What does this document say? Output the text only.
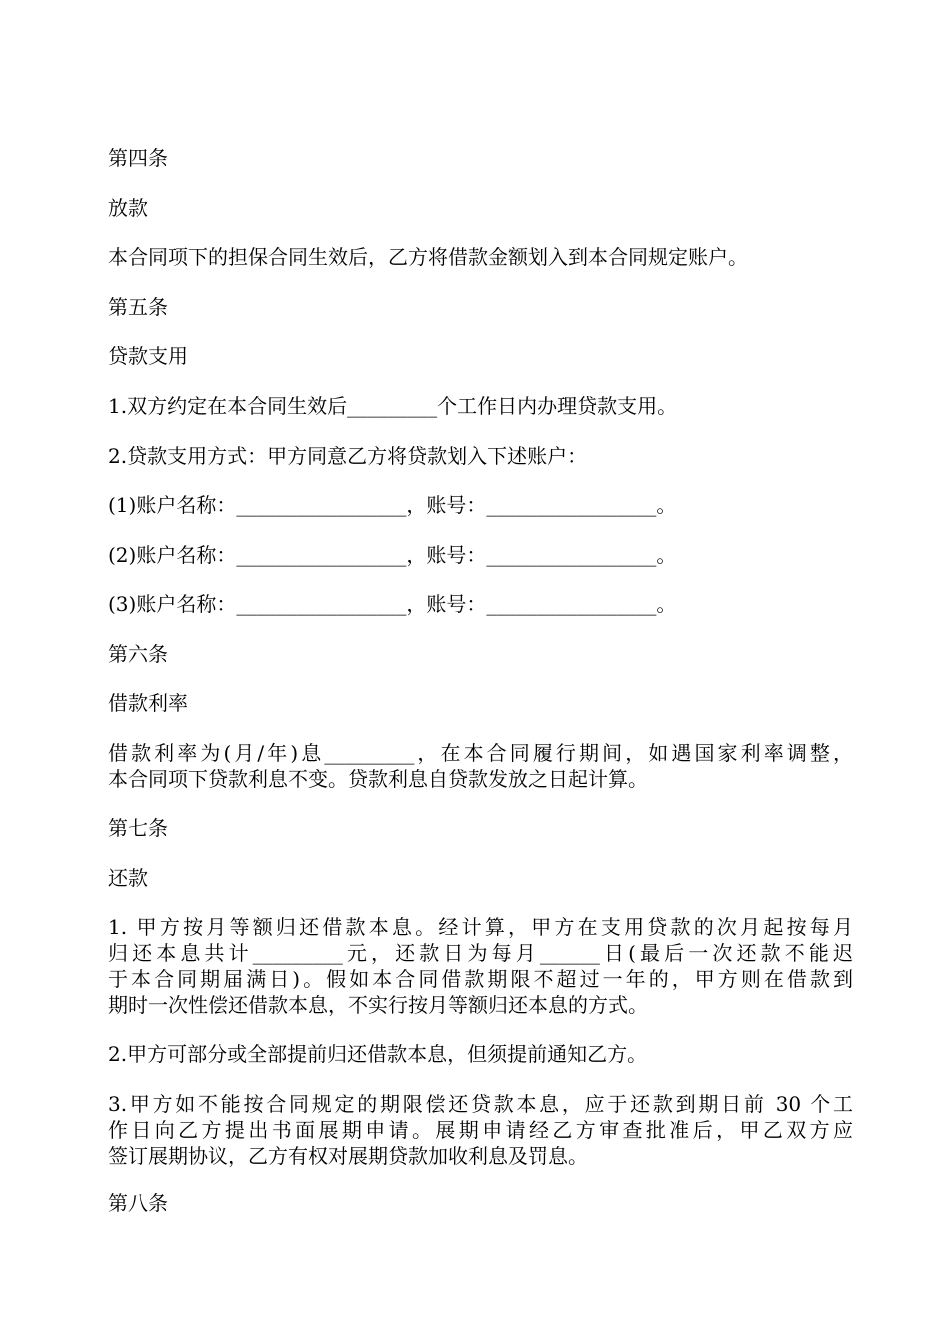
第四条

放款

本合同项下的担保合同生效后，乙方将借款金额划入到本合同规定账户。

第五条

贷款支用

1.双方约定在本合同生效后_________个工作日内办理贷款支用。

2.贷款支用方式：甲方同意乙方将贷款划入下述账户：

(1)账户名称：_________________，账号：_________________。

(2)账户名称：_________________，账号：_________________。

(3)账户名称：_________________，账号：_________________。

第六条

借款利率

借款利率为(月/年)息_________，在本合同履行期间，如遇国家利率调整，
本合同项下贷款利息不变。贷款利息自贷款发放之日起计算。

第七条

还款

1. 甲方按月等额归还借款本息。经计算，甲方在支用贷款的次月起按每月
归还本息共计_________元，还款日为每月______日(最后一次还款不能迟
于本合同期届满日)。假如本合同借款期限不超过一年的，甲方则在借款到
期时一次性偿还借款本息，不实行按月等额归还本息的方式。

2.甲方可部分或全部提前归还借款本息，但须提前通知乙方。

3.甲方如不能按合同规定的期限偿还贷款本息，应于还款到期日前 30 个工
作日向乙方提出书面展期申请。展期申请经乙方审查批准后，甲乙双方应
签订展期协议，乙方有权对展期贷款加收利息及罚息。

第八条
